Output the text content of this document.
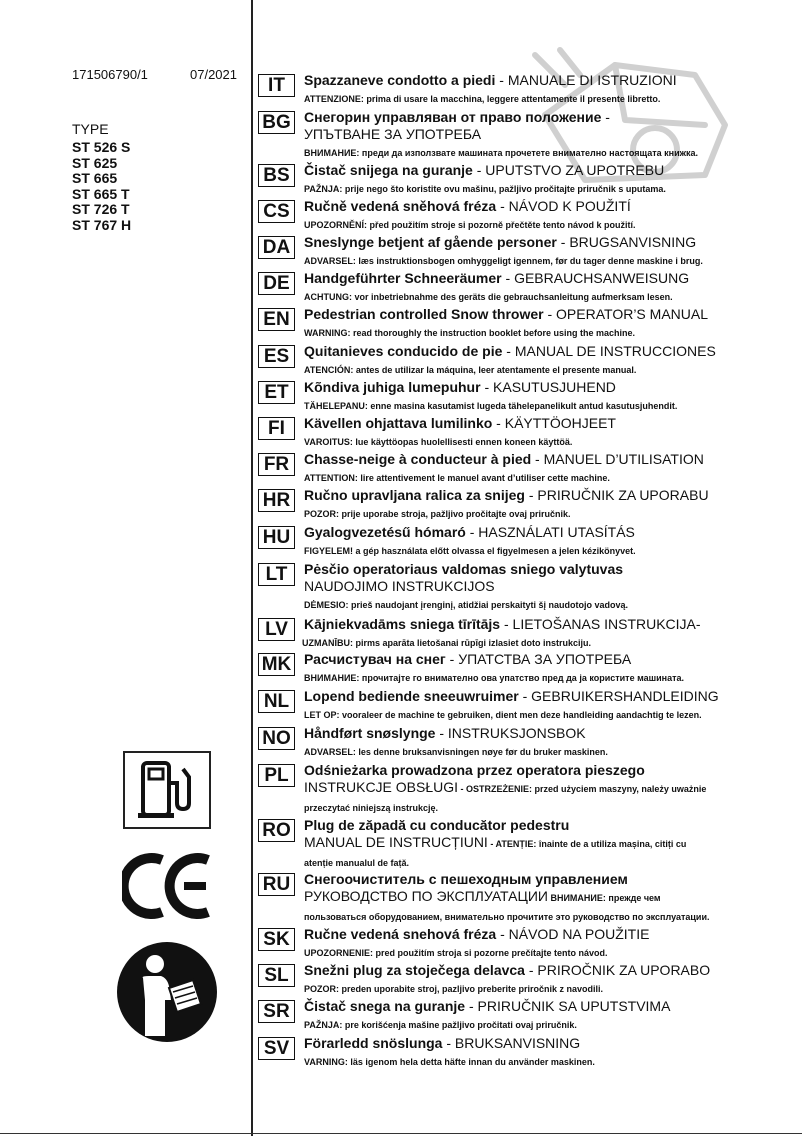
171506790/1	07/2021
TYPE
ST 526 S
ST 625
ST 665
ST 665 T
ST 726 T
ST 767 H
IT	Spazzaneve condotto a piedi - MANUALE DI ISTRUZIONI
ATTENZIONE: prima di usare la macchina, leggere attentamente il presente libretto.
BG Снегорин управляван от право положение -
УПЪТВАНЕ ЗА УПОТРЕБА
ВНИМАНИЕ: преди да използвате машината прочетете внимателно настоящата книжка.
BS	Čistač snijega na guranje - UPUTSTVO ZA UPOTREBU
PAŽNJA: prije nego što koristite ovu mašinu, pažljivo pročitajte priručnik s uputama.
CS	Ručně vedená sněhová fréza - NÁVOD K POUŽITÍ
UPOZORNĚNÍ: před použitím stroje si pozorně přečtěte tento návod k použití.
DA Sneslynge betjent af gående personer - BRUGSANVISNING
ADVARSEL: læs instruktionsbogen omhyggeligt igennem, før du tager denne maskine i brug.
DE	Handgeführter Schneeräumer - GEBRAUCHSANWEISUNG
ACHTUNG: vor inbetriebnahme des geräts die gebrauchsanleitung aufmerksam lesen.
EN	Pedestrian controlled Snow thrower - OPERATOR’S MANUAL
WARNING: read thoroughly the instruction booklet before using the machine.
ES	Quitanieves conducido de pie - MANUAL DE INSTRUCCIONES
ATENCIÓN: antes de utilizar la máquina, leer atentamente el presente manual.
ET	Kõndiva juhiga lumepuhur - KASUTUSJUHEND
TÄHELEPANU: enne masina kasutamist lugeda tähelepanelikult antud kasutusjuhendit.
FI	Kävellen ohjattava lumilinko - KÄYTTÖOHJEET
VAROITUS: lue käyttöopas huolellisesti ennen koneen käyttöä.
FR	Chasse-neige à conducteur à pied - MANUEL D’UTILISATION
ATTENTION: lire attentivement le manuel avant d’utiliser cette machine.
HR Ručno upravljana ralica za snijeg - PRIRUČNIK ZA UPORABU
POZOR: prije uporabe stroja, pažljivo pročitajte ovaj priručnik.
HU Gyalogvezetésű hómaró - HASZNÁLATI UTASÍTÁS
FIGYELEM! a gép használata előtt olvassa el figyelmesen a jelen kézikönyvet.
LT	Pėsčio operatoriaus valdomas sniego valytuvas
NAUDOJIMO INSTRUKCIJOS
DĖMESIO: prieš naudojant įrenginį, atidžiai perskaityti šį naudotojo vadovą.
LV	Kājniekvadāms sniega tīrītājs - LIETOŠANAS INSTRUKCIJA-
UZMANĪBU: pirms aparāta lietošanai rūpīgi izlasiet doto instrukciju.
MK Расчистувач на снег - УПАТСТВА ЗА УПОТРЕБА
ВНИМАНИЕ: прочитајте го внимателно ова упатство пред да ја користите машината.
NL	Lopend bediende sneeuwruimer - GEBRUIKERSHANDLEIDING
LET OP: vooraleer de machine te gebruiken, dient men deze handleiding aandachtig te lezen.
NO Håndført snøslynge - INSTRUKSJONSBOK
ADVARSEL: les denne bruksanvisningen nøye før du bruker maskinen.
PL	Odśnieżarka prowadzona przez operatora pieszego
INSTRUKCJE OBSŁUGI - OSTRZEŻENIE: przed użyciem maszyny, należy uważnie
przeczytać niniejszą instrukcję.
RO Plug de zăpadă cu conducător pedestru
MANUAL DE INSTRUCȚIUNI - ATENȚIE: înainte de a utiliza mașina, citiți cu
atenție manualul de față.
RU Снегоочиститель с пешеходным управлением
РУКОВОДСТВО ПО ЭКСПЛУАТАЦИИ ВНИМАНИЕ: прежде чем
пользоваться оборудованием, внимательно прочитите это руководство по эксплуатации.
SK	Ručne vedená snehová fréza - NÁVOD NA POUŽITIE
UPOZORNENIE: pred použitím stroja si pozorne prečítajte tento návod.
SL	Snežni plug za stoječega delavca - PRIROČNIK ZA UPORABO
POZOR: preden uporabite stroj, pazljivo preberite priročnik z navodili.
SR	Čistač snega na guranje - PRIRUČNIK SA UPUTSTVIMA
PAŽNJA: pre korišćenja mašine pažljivo pročitati ovaj priručnik.
SV	Förarledd snöslunga - BRUKSANVISNING
VARNING: läs igenom hela detta häfte innan du använder maskinen.
